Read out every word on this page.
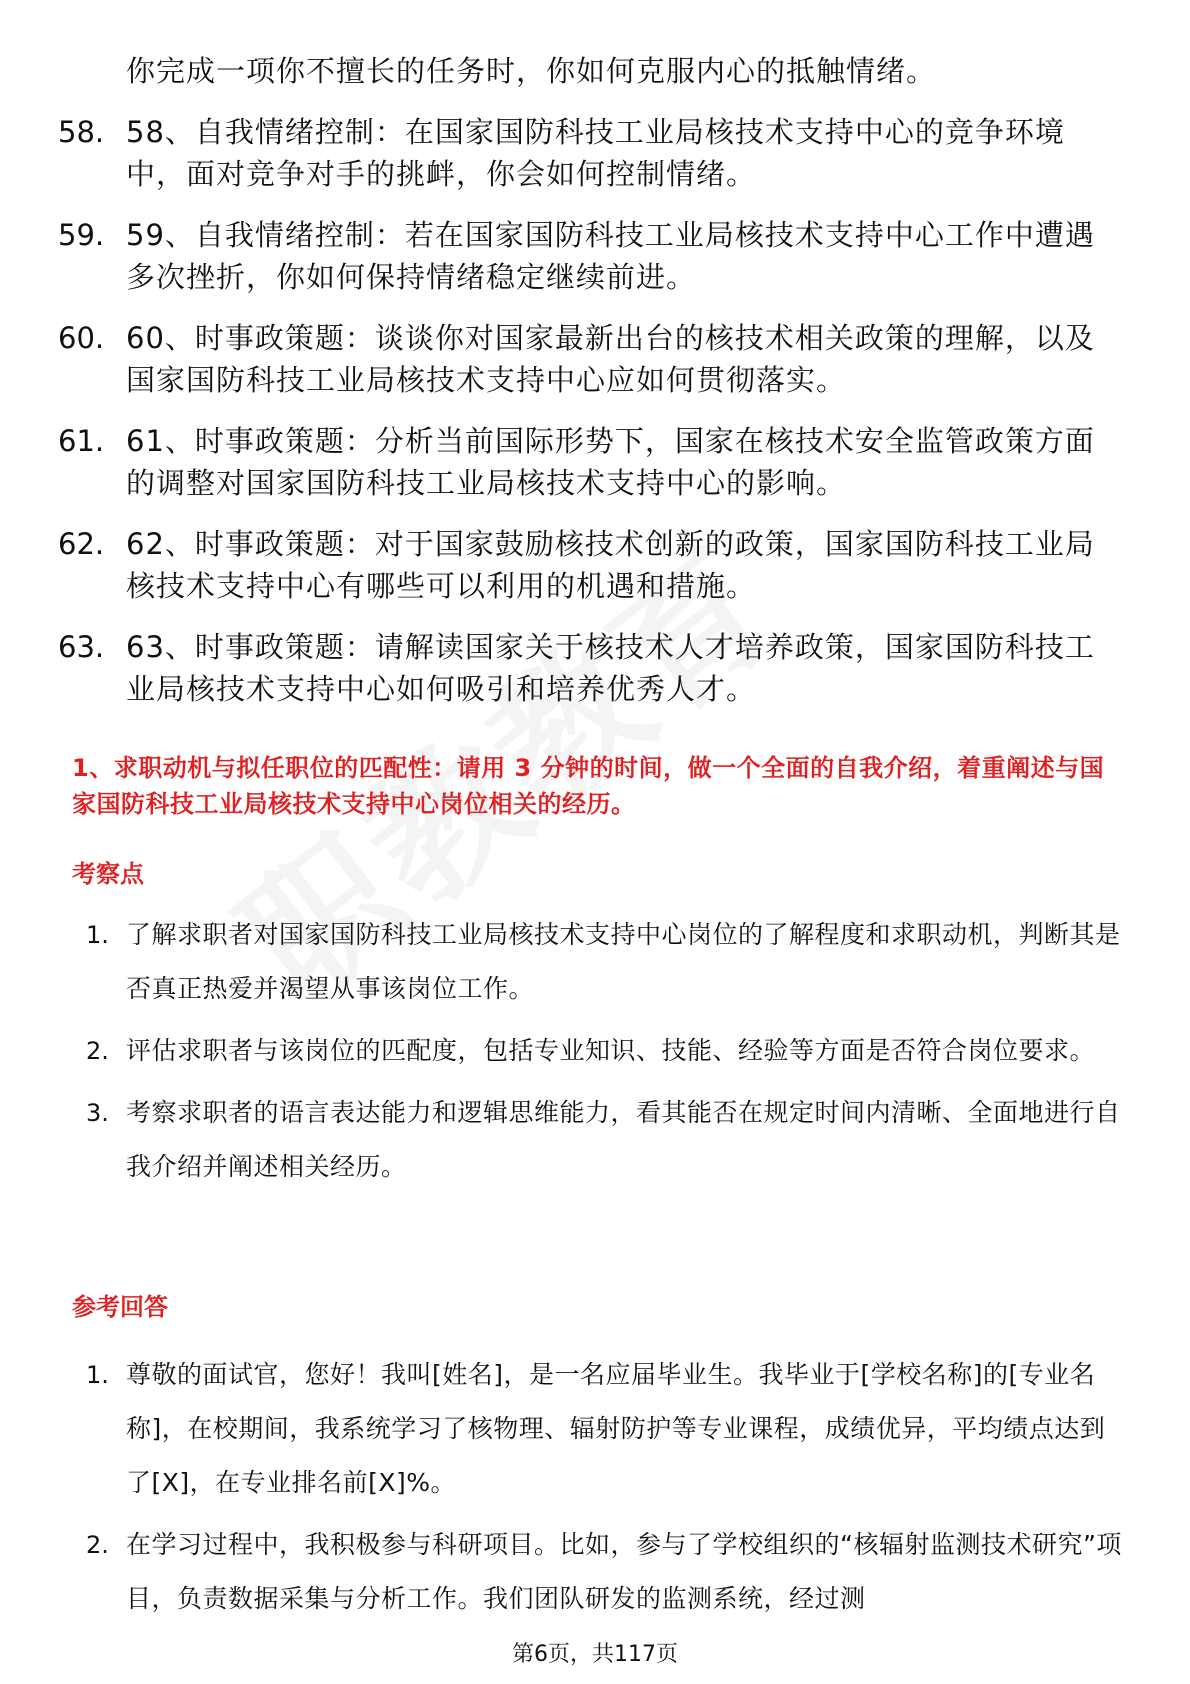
你完成一项你不擅长的任务时，你如何克服内心的抵触情绪。
58. 58、自我情绪控制：在国家国防科技工业局核技术支持中心的竞争环境中，面对竞争对手的挑衅，你会如何控制情绪。
59. 59、自我情绪控制：若在国家国防科技工业局核技术支持中心工作中遭遇多次挫折，你如何保持情绪稳定继续前进。
60. 60、时事政策题：谈谈你对国家最新出台的核技术相关政策的理解，以及国家国防科技工业局核技术支持中心应如何贯彻落实。
61. 61、时事政策题：分析当前国际形势下，国家在核技术安全监管政策方面的调整对国家国防科技工业局核技术支持中心的影响。
62. 62、时事政策题：对于国家鼓励核技术创新的政策，国家国防科技工业局核技术支持中心有哪些可以利用的机遇和措施。
63. 63、时事政策题：请解读国家关于核技术人才培养政策，国家国防科技工业局核技术支持中心如何吸引和培养优秀人才。
1、求职动机与拟任职位的匹配性：请用 3 分钟的时间，做一个全面的自我介绍，着重阐述与国家国防科技工业局核技术支持中心岗位相关的经历。
考察点
1. 了解求职者对国家国防科技工业局核技术支持中心岗位的了解程度和求职动机，判断其是否真正热爱并渴望从事该岗位工作。
2. 评估求职者与该岗位的匹配度，包括专业知识、技能、经验等方面是否符合岗位要求。
3. 考察求职者的语言表达能力和逻辑思维能力，看其能否在规定时间内清晰、全面地进行自我介绍并阐述相关经历。
参考回答
1. 尊敬的面试官，您好！我叫[姓名]，是一名应届毕业生。我毕业于[学校名称]的[专业名称]，在校期间，我系统学习了核物理、辐射防护等专业课程，成绩优异，平均绩点达到了[X]，在专业排名前[X]%。
2. 在学习过程中，我积极参与科研项目。比如，参与了学校组织的“核辐射监测技术研究”项目，负责数据采集与分析工作。我们团队研发的监测系统，经过测
第6页，共117页
